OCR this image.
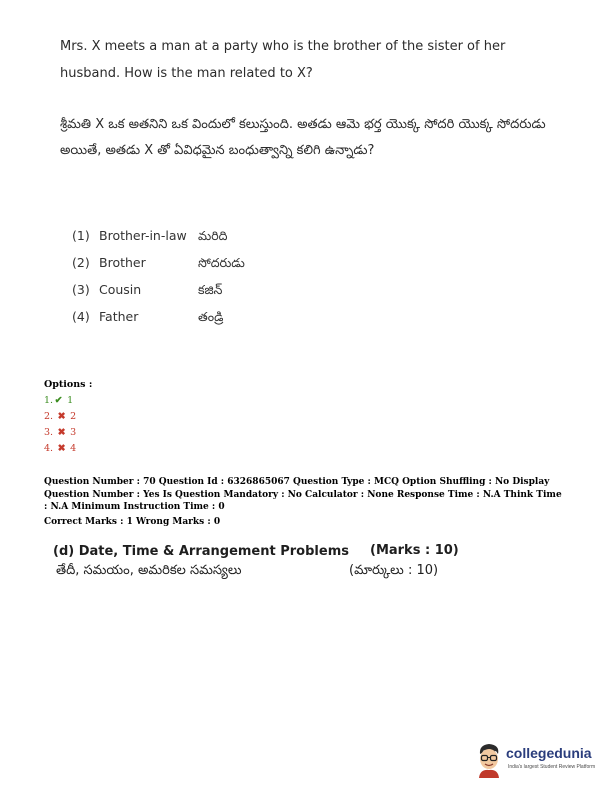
Mrs. X meets a man at a party who is the brother of the sister of her husband. How is the man related to X?
శ్రీమతి X ఒక అతనిని ఒక విందులో కలుస్తుంది. అతడు ఆమె భర్త యొక్క సోదరి యొక్క సోదరుడు అయితే, అతడు X తో ఏవిధమైన బంధుత్వాన్ని కలిగి ఉన్నాడు?
(1) Brother-in-law మరిది
(2) Brother	సోదరుడు
(3) Cousin	కజిన్
(4) Father	తండ్రి
Options :
1. ✔ 1
2. ✖ 2
3. ✖ 3
4. ✖ 4
Question Number : 70 Question Id : 6326865067 Question Type : MCQ Option Shuffling : No Display Question Number : Yes Is Question Mandatory : No Calculator : None Response Time : N.A Think Time : N.A Minimum Instruction Time : 0
Correct Marks : 1 Wrong Marks : 0
(d) Date, Time & Arrangement Problems
తేదీ, సమయం, అమరికల సమస్యలు
(Marks : 10)
(మార్కులు : 10)
collegedunia
India's largest Student Review Platform
